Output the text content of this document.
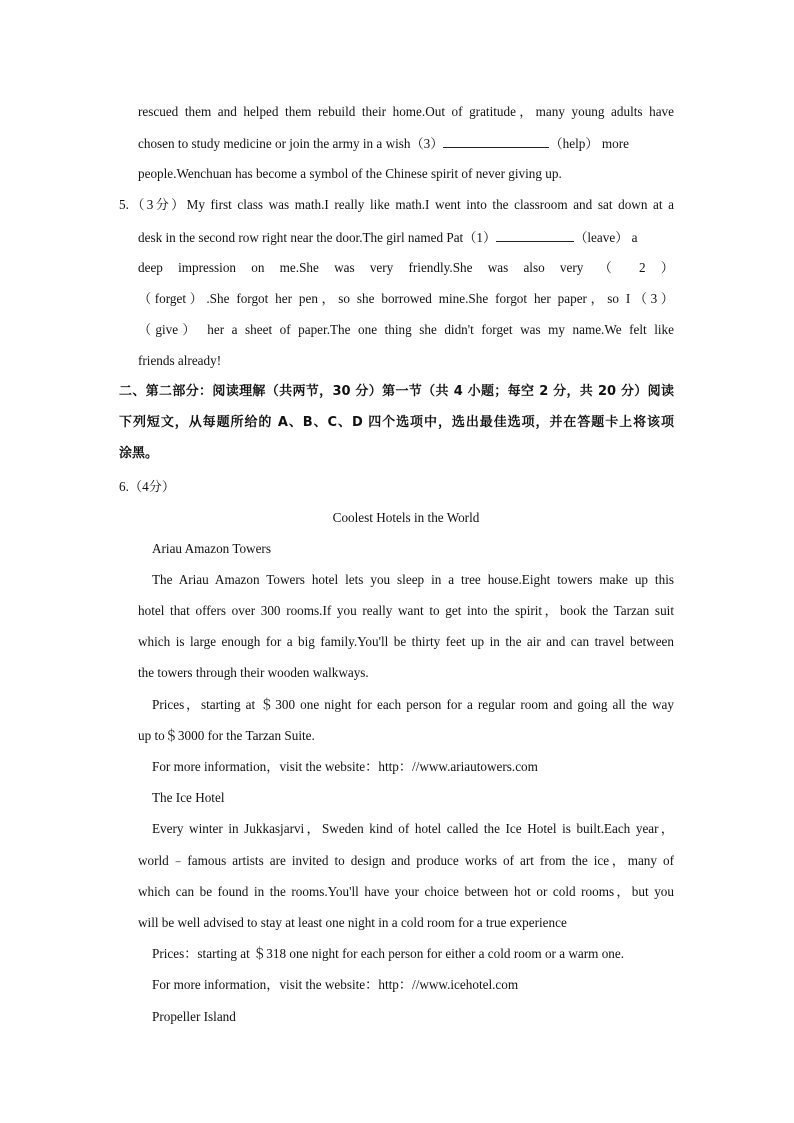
rescued them and helped them rebuild their home.Out of gratitude，many young adults have
chosen to study medicine or join the army in a wish（3）	（help） more
people.Wenchuan has become a symbol of the Chinese spirit of never giving up.
5.（3分）My first class was math.I really like math.I went into the classroom and sat down at a
desk in the second row right near the door.The girl named Pat（1）	（leave） a
deep impression on me.She was very friendly.She was also very （ 2 ）
（forget）.She forgot her pen，so she borrowed mine.She forgot her paper，so I（3）
（give） her a sheet of paper.The one thing she didn't forget was my name.We felt like
friends already!
二、第二部分：阅读理解（共两节，30 分）第一节（共 4 小题；每空 2 分，共 20 分）阅读
下列短文，从每题所给的 A、B、C、D 四个选项中，选出最佳选项，并在答题卡上将该项
涂黑。
6.（4分）
Coolest Hotels in the World
Ariau Amazon Towers
The Ariau Amazon Towers hotel lets you sleep in a tree house.Eight towers make up this
hotel that offers over 300 rooms.If you really want to get into the spirit，book the Tarzan suit
which is large enough for a big family.You'll be thirty feet up in the air and can travel between
the towers through their wooden walkways.
Prices，starting at ＄300 one night for each person for a regular room and going all the way
up to＄3000 for the Tarzan Suite.
For more information，visit the website：http：//www.ariautowers.com
The Ice Hotel
Every winter in Jukkasjarvi，Sweden kind of hotel called the Ice Hotel is built.Each year，
world﹣famous artists are invited to design and produce works of art from the ice，many of
which can be found in the rooms.You'll have your choice between hot or cold rooms，but you
will be well advised to stay at least one night in a cold room for a true experience
Prices：starting at ＄318 one night for each person for either a cold room or a warm one.
For more information，visit the website：http：//www.icehotel.com
Propeller Island
